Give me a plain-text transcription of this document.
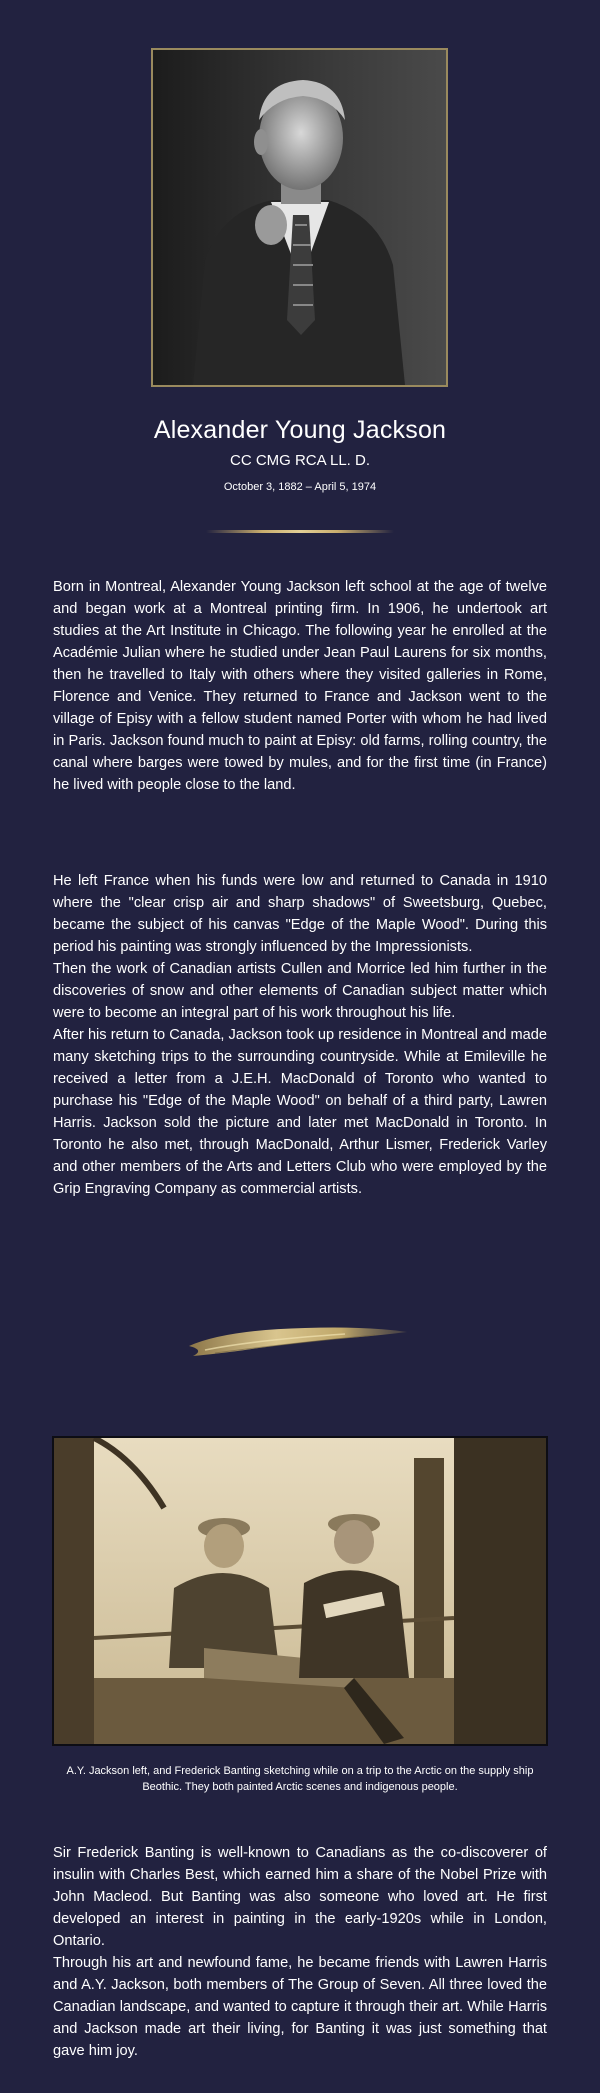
Alexander Young Jackson
CC CMG RCA LL. D.
October 3, 1882 – April 5, 1974

Born in Montreal, Alexander Young Jackson left school at the age of twelve and began work at a Montreal printing firm. In 1906, he undertook art studies at the Art Institute in Chicago. The following year he enrolled at the Académie Julian where he studied under Jean Paul Laurens for six months, then he travelled to Italy with others where they visited galleries in Rome, Florence and Venice. They returned to France and Jackson went to the village of Episy with a fellow student named Porter with whom he had lived in Paris. Jackson found much to paint at Episy: old farms, rolling country, the canal where barges were towed by mules, and for the first time (in France) he lived with people close to the land.

He left France when his funds were low and returned to Canada in 1910 where the "clear crisp air and sharp shadows" of Sweetsburg, Quebec, became the subject of his canvas "Edge of the Maple Wood". During this period his painting was strongly influenced by the Impressionists.
Then the work of Canadian artists Cullen and Morrice led him further in the discoveries of snow and other elements of Canadian subject matter which were to become an integral part of his work throughout his life.
After his return to Canada, Jackson took up residence in Montreal and made many sketching trips to the surrounding countryside. While at Emileville he received a letter from a J.E.H. MacDonald of Toronto who wanted to purchase his "Edge of the Maple Wood" on behalf of a third party, Lawren Harris. Jackson sold the picture and later met MacDonald in Toronto. In Toronto he also met, through MacDonald, Arthur Lismer, Frederick Varley and other members of the Arts and Letters Club who were employed by the Grip Engraving Company as commercial artists.

A.Y. Jackson left, and Frederick Banting sketching while on a trip to the Arctic on the supply ship Beothic. They both painted Arctic scenes and indigenous people.

Sir Frederick Banting is well-known to Canadians as the co-discoverer of insulin with Charles Best, which earned him a share of the Nobel Prize with John Macleod. But Banting was also someone who loved art. He first developed an interest in painting in the early-1920s while in London, Ontario.
Through his art and newfound fame, he became friends with Lawren Harris and A.Y. Jackson, both members of The Group of Seven. All three loved the Canadian landscape, and wanted to capture it through their art. While Harris and Jackson made art their living, for Banting it was just something that gave him joy.
